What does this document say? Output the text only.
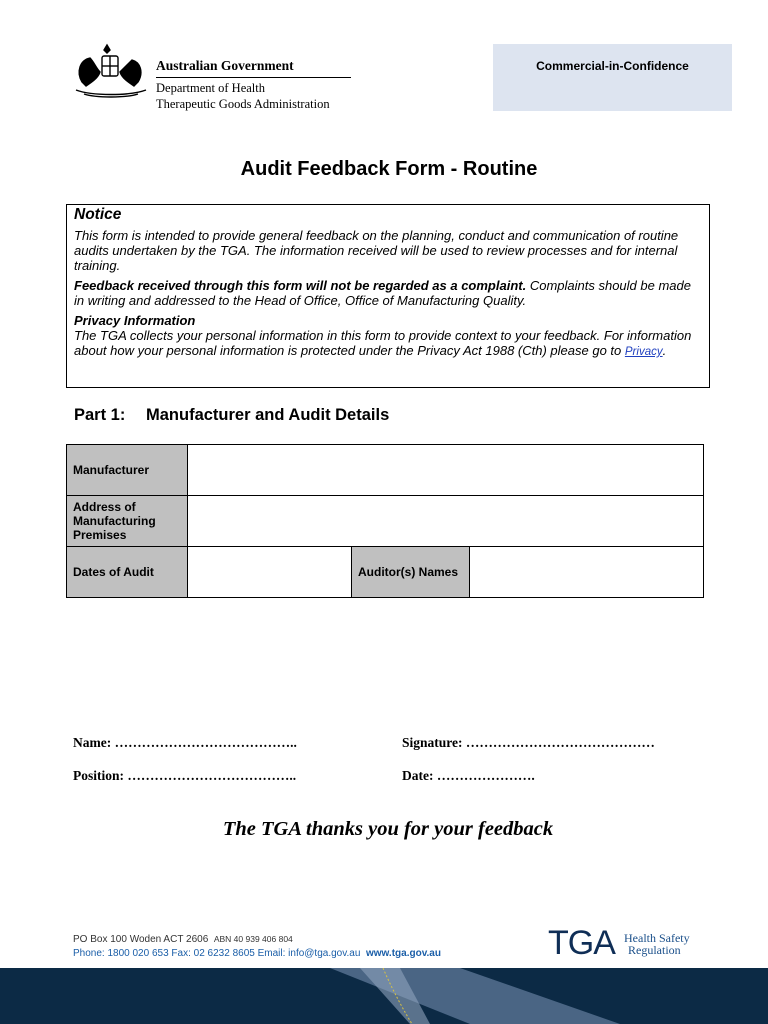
Australian Government
Department of Health
Therapeutic Goods Administration
Commercial-in-Confidence
Audit Feedback Form - Routine
Notice

This form is intended to provide general feedback on the planning, conduct and communication of routine audits undertaken by the TGA. The information received will be used to review processes and for internal training.

Feedback received through this form will not be regarded as a complaint. Complaints should be made in writing and addressed to the Head of Office, Office of Manufacturing Quality.

Privacy Information
The TGA collects your personal information in this form to provide context to your feedback. For information about how your personal information is protected under the Privacy Act 1988 (Cth) please go to Privacy.

Part 1: Manufacturer and Audit Details
Manufacturer			
Address of Manufacturing Premises			
Dates of Audit		Auditor(s) Names	
Name: …………………………………..	Signature: ……………………………………
Position: ………………………………..	Date: ………………….
The TGA thanks you for your feedback
PO Box 100 Woden ACT 2606 ABN 40 939 406 804
Phone: 1800 020 653 Fax: 02 6232 8605 Email: info@tga.gov.au www.tga.gov.au	TGA Health Safety
Regulation
